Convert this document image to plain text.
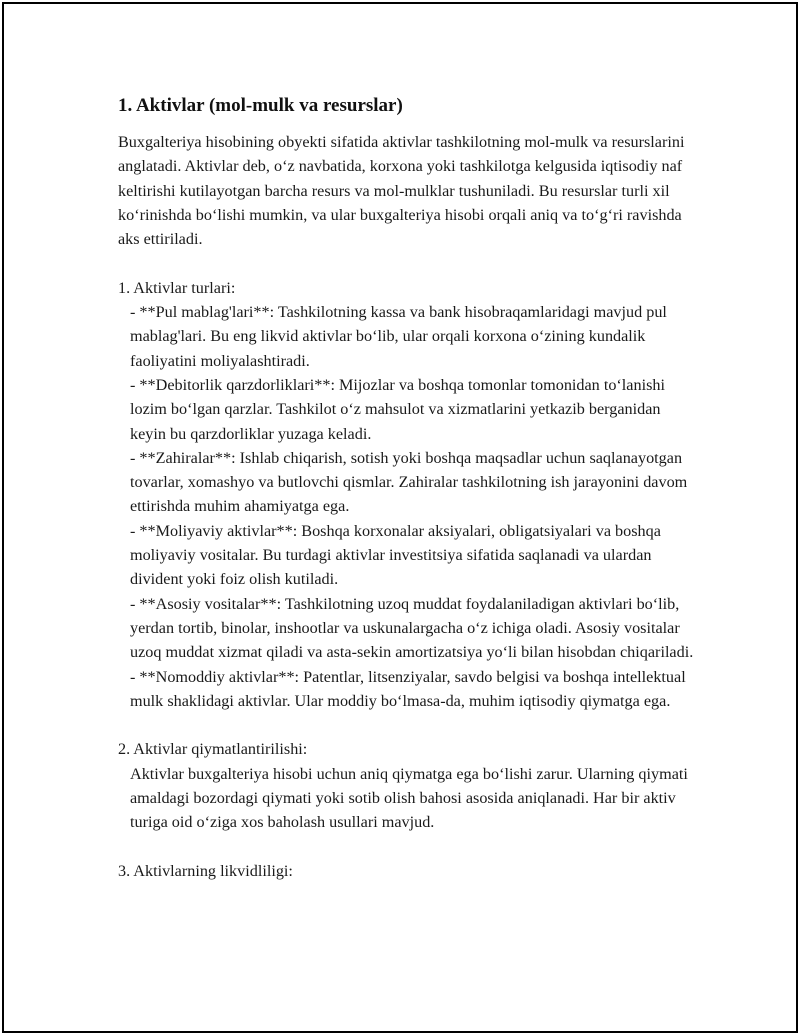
1. Aktivlar (mol-mulk va resurslar)

Buxgalteriya hisobining obyekti sifatida aktivlar tashkilotning mol-mulk va resurslarini anglatadi. Aktivlar deb, o‘z navbatida, korxona yoki tashkilotga kelgusida iqtisodiy naf keltirishi kutilayotgan barcha resurs va mol-mulklar tushuniladi. Bu resurslar turli xil ko‘rinishda bo‘lishi mumkin, va ular buxgalteriya hisobi orqali aniq va to‘g‘ri ravishda aks ettiriladi.

1. Aktivlar turlari:

- **Pul mablag'lari**: Tashkilotning kassa va bank hisobraqamlaridagi mavjud pul mablag'lari. Bu eng likvid aktivlar bo‘lib, ular orqali korxona o‘zining kundalik faoliyatini moliyalashtiradi.

- **Debitorlik qarzdorliklari**: Mijozlar va boshqa tomonlar tomonidan to‘lanishi lozim bo‘lgan qarzlar. Tashkilot o‘z mahsulot va xizmatlarini yetkazib berganidan keyin bu qarzdorliklar yuzaga keladi.

- **Zahiralar**: Ishlab chiqarish, sotish yoki boshqa maqsadlar uchun saqlanayotgan tovarlar, xomashyo va butlovchi qismlar. Zahiralar tashkilotning ish jarayonini davom ettirishda muhim ahamiyatga ega.

- **Moliyaviy aktivlar**: Boshqa korxonalar aksiyalari, obligatsiyalari va boshqa moliyaviy vositalar. Bu turdagi aktivlar investitsiya sifatida saqlanadi va ulardan divident yoki foiz olish kutiladi.

- **Asosiy vositalar**: Tashkilotning uzoq muddat foydalaniladigan aktivlari bo‘lib, yerdan tortib, binolar, inshootlar va uskunalargacha o‘z ichiga oladi. Asosiy vositalar uzoq muddat xizmat qiladi va asta-sekin amortizatsiya yo‘li bilan hisobdan chiqariladi.

- **Nomoddiy aktivlar**: Patentlar, litsenziyalar, savdo belgisi va boshqa intellektual mulk shaklidagi aktivlar. Ular moddiy bo‘lmasa-da, muhim iqtisodiy qiymatga ega.

2. Aktivlar qiymatlantirilishi:

Aktivlar buxgalteriya hisobi uchun aniq qiymatga ega bo‘lishi zarur. Ularning qiymati amaldagi bozordagi qiymati yoki sotib olish bahosi asosida aniqlanadi. Har bir aktiv turiga oid o‘ziga xos baholash usullari mavjud.

3. Aktivlarning likvidliligi:
